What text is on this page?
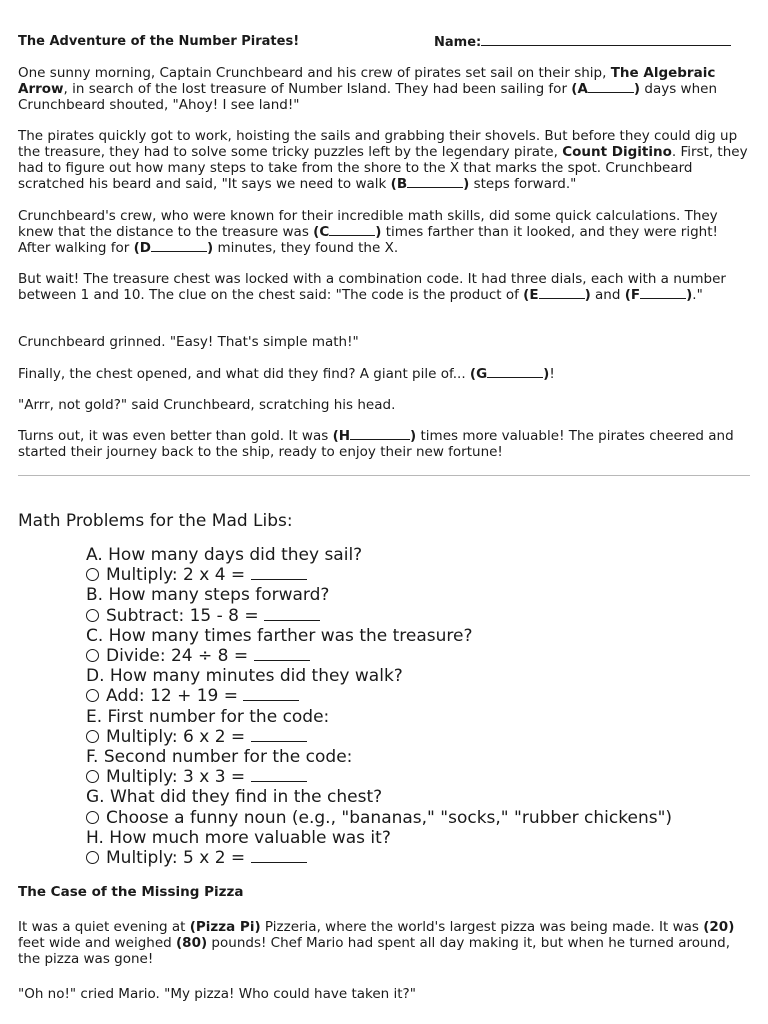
The Adventure of the Number Pirates!	Name:

One sunny morning, Captain Crunchbeard and his crew of pirates set sail on their ship, The Algebraic Arrow, in search of the lost treasure of Number Island. They had been sailing for (A	) days when Crunchbeard shouted, "Ahoy! I see land!"

The pirates quickly got to work, hoisting the sails and grabbing their shovels. But before they could dig up the treasure, they had to solve some tricky puzzles left by the legendary pirate, Count Digitino. First, they had to figure out how many steps to take from the shore to the X that marks the spot. Crunchbeard scratched his beard and said, "It says we need to walk (B	) steps forward."

Crunchbeard's crew, who were known for their incredible math skills, did some quick calculations. They knew that the distance to the treasure was (C	) times farther than it looked, and they were right! After walking for (D	) minutes, they found the X.

But wait! The treasure chest was locked with a combination code. It had three dials, each with a number between 1 and 10. The clue on the chest said: "The code is the product of (E	) and (F	)."

Crunchbeard grinned. "Easy! That's simple math!"

Finally, the chest opened, and what did they find? A giant pile of... (G	)!

"Arrr, not gold?" said Crunchbeard, scratching his head.

Turns out, it was even better than gold. It was (H	) times more valuable! The pirates cheered and started their journey back to the ship, ready to enjoy their new fortune!

Math Problems for the Mad Libs:
A. How many days did they sail?
Multiply: 2 x 4 =
B. How many steps forward?
Subtract: 15 - 8 =
C. How many times farther was the treasure?
Divide: 24 ÷ 8 =
D. How many minutes did they walk?
Add: 12 + 19 =
E. First number for the code:
Multiply: 6 x 2 =
F. Second number for the code:
Multiply: 3 x 3 =
G. What did they find in the chest?
Choose a funny noun (e.g., "bananas," "socks," "rubber chickens")
H. How much more valuable was it?
Multiply: 5 x 2 =
The Case of the Missing Pizza

It was a quiet evening at (Pizza Pi) Pizzeria, where the world's largest pizza was being made. It was (20) feet wide and weighed (80) pounds! Chef Mario had spent all day making it, but when he turned around, the pizza was gone!

"Oh no!" cried Mario. "My pizza! Who could have taken it?"
